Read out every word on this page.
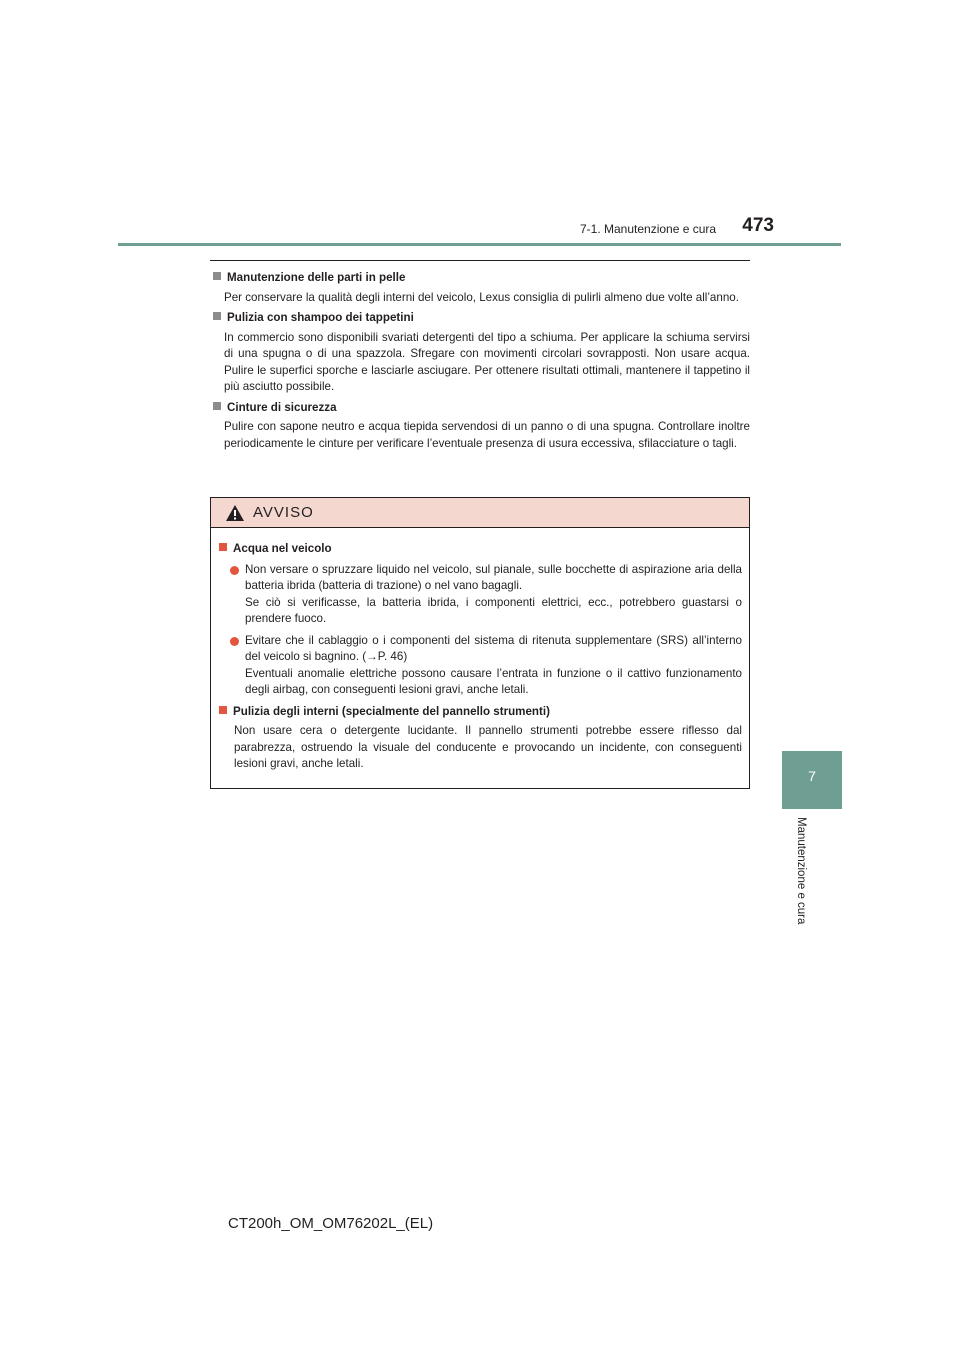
7-1. Manutenzione e cura	473
7
Manutenzione e cura
Manutenzione delle parti in pelle
Per conservare la qualità degli interni del veicolo, Lexus consiglia di pulirli almeno due volte all’anno.
Pulizia con shampoo dei tappetini
In commercio sono disponibili svariati detergenti del tipo a schiuma. Per applicare la schiuma servirsi di una spugna o di una spazzola. Sfregare con movimenti circolari sovrapposti. Non usare acqua. Pulire le superfici sporche e lasciarle asciugare. Per ottenere risultati ottimali, mantenere il tappetino il più asciutto possibile.
Cinture di sicurezza
Pulire con sapone neutro e acqua tiepida servendosi di un panno o di una spugna. Controllare inoltre periodicamente le cinture per verificare l’eventuale presenza di usura eccessiva, sfilacciature o tagli.
AVVISO
Acqua nel veicolo
Non versare o spruzzare liquido nel veicolo, sul pianale, sulle bocchette di aspirazione aria della batteria ibrida (batteria di trazione) o nel vano bagagli.
Se ciò si verificasse, la batteria ibrida, i componenti elettrici, ecc., potrebbero guastarsi o prendere fuoco.
Evitare che il cablaggio o i componenti del sistema di ritenuta supplementare (SRS) all’interno del veicolo si bagnino. (→P. 46)
Eventuali anomalie elettriche possono causare l’entrata in funzione o il cattivo funzionamento degli airbag, con conseguenti lesioni gravi, anche letali.
Pulizia degli interni (specialmente del pannello strumenti)
Non usare cera o detergente lucidante. Il pannello strumenti potrebbe essere riflesso dal parabrezza, ostruendo la visuale del conducente e provocando un incidente, con conseguenti lesioni gravi, anche letali.
CT200h_OM_OM76202L_(EL)
